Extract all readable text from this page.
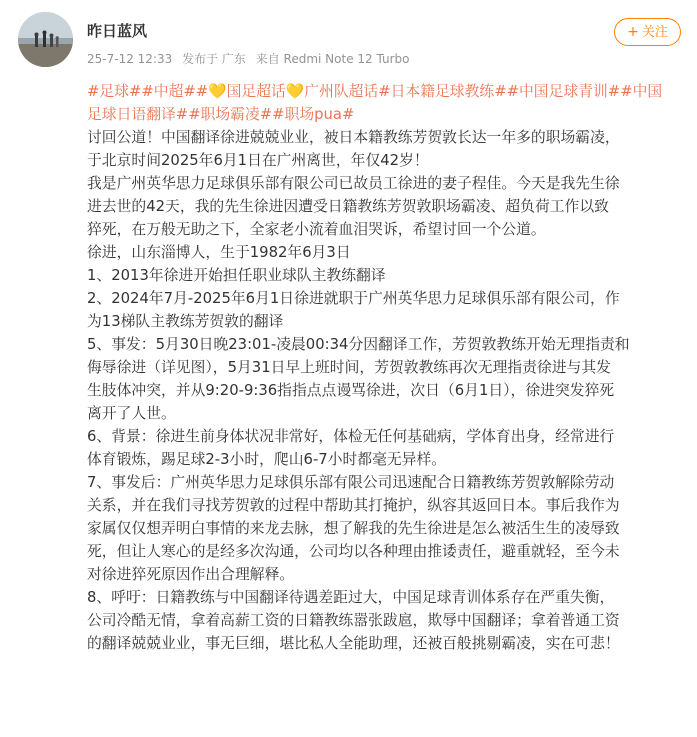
昨日蓝风
25-7-12 12:33 发布于 广东 来自 Redmi Note 12 Turbo
+ 关注

#足球##中超##💛国足超话💛广州队超话#日本籍足球教练##中国足球青训##中国

足球日语翻译##职场霸凌##职场pua#

讨回公道！中国翻译徐进兢兢业业，被日本籍教练芳贺敦长达一年多的职场霸凌，

于北京时间2025年6月1日在广州离世，年仅42岁！

我是广州英华思力足球俱乐部有限公司已故员工徐进的妻子程佳。今天是我先生徐

进去世的42天，我的先生徐进因遭受日籍教练芳贺敦职场霸凌、超负荷工作以致

猝死，在万般无助之下，全家老小流着血泪哭诉，希望讨回一个公道。

徐进，山东淄博人，生于1982年6月3日

1、2013年徐进开始担任职业球队主教练翻译

2、2024年7月-2025年6月1日徐进就职于广州英华思力足球俱乐部有限公司，作

为13梯队主教练芳贺敦的翻译

5、事发：5月30日晚23:01-凌晨00:34分因翻译工作，芳贺敦教练开始无理指责和

侮辱徐进（详见图），5月31日早上班时间，芳贺敦教练再次无理指责徐进与其发

生肢体冲突，并从9:20-9:36指指点点谩骂徐进，次日（6月1日），徐进突发猝死

离开了人世。

6、背景：徐进生前身体状况非常好，体检无任何基础病，学体育出身，经常进行

体育锻炼，踢足球2-3小时，爬山6-7小时都毫无异样。

7、事发后：广州英华思力足球俱乐部有限公司迅速配合日籍教练芳贺敦解除劳动

关系，并在我们寻找芳贺敦的过程中帮助其打掩护，纵容其返回日本。事后我作为

家属仅仅想弄明白事情的来龙去脉，想了解我的先生徐进是怎么被活生生的凌辱致

死，但让人寒心的是经多次沟通，公司均以各种理由推诿责任，避重就轻，至今未

对徐进猝死原因作出合理解释。

8、呼吁：日籍教练与中国翻译待遇差距过大，中国足球青训体系存在严重失衡，

公司冷酷无情，拿着高薪工资的日籍教练嚣张跋扈，欺辱中国翻译；拿着普通工资

的翻译兢兢业业，事无巨细，堪比私人全能助理，还被百般挑剔霸凌，实在可悲！
